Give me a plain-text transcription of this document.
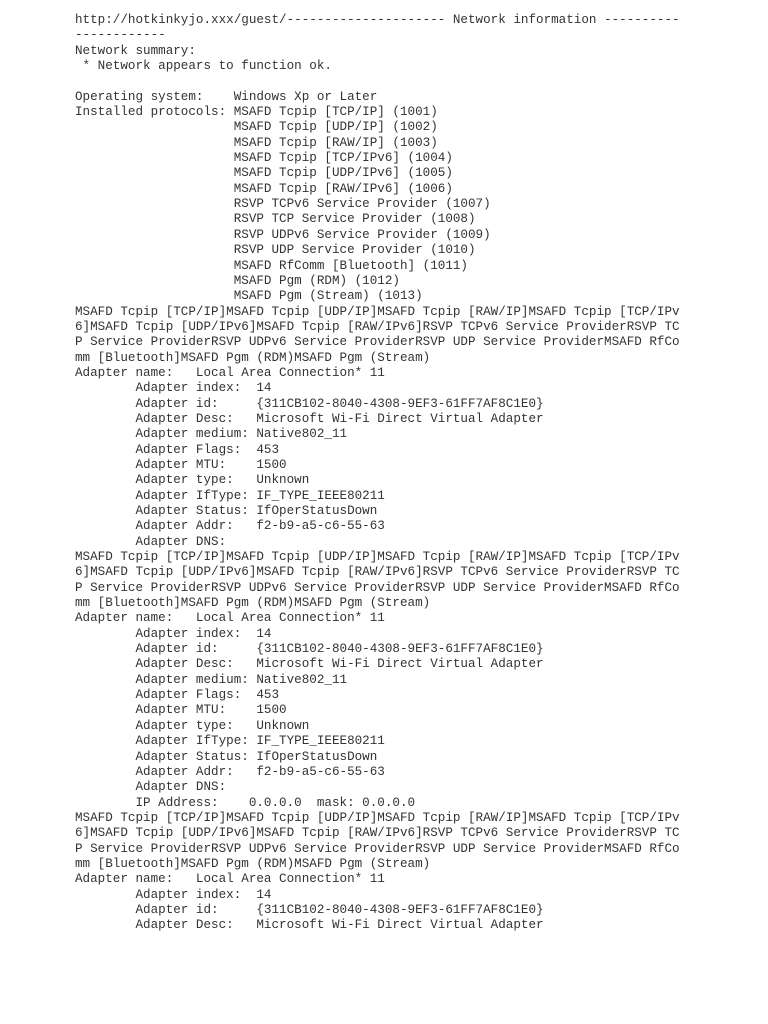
http://hotkinkyjo.xxx/guest/--------------------- Network information ----------
------------
Network summary:
* Network appears to function ok.
Operating system:    Windows Xp or Later
Installed protocols: MSAFD Tcpip [TCP/IP] (1001)
MSAFD Tcpip [UDP/IP] (1002)
MSAFD Tcpip [RAW/IP] (1003)
MSAFD Tcpip [TCP/IPv6] (1004)
MSAFD Tcpip [UDP/IPv6] (1005)
MSAFD Tcpip [RAW/IPv6] (1006)
RSVP TCPv6 Service Provider (1007)
RSVP TCP Service Provider (1008)
RSVP UDPv6 Service Provider (1009)
RSVP UDP Service Provider (1010)
MSAFD RfComm [Bluetooth] (1011)
MSAFD Pgm (RDM) (1012)
MSAFD Pgm (Stream) (1013)
MSAFD Tcpip [TCP/IP]MSAFD Tcpip [UDP/IP]MSAFD Tcpip [RAW/IP]MSAFD Tcpip [TCP/IPv
6]MSAFD Tcpip [UDP/IPv6]MSAFD Tcpip [RAW/IPv6]RSVP TCPv6 Service ProviderRSVP TC
P Service ProviderRSVP UDPv6 Service ProviderRSVP UDP Service ProviderMSAFD RfCo
mm [Bluetooth]MSAFD Pgm (RDM)MSAFD Pgm (Stream)
Adapter name:   Local Area Connection* 11
Adapter index:  14
Adapter id:     {311CB102-8040-4308-9EF3-61FF7AF8C1E0}
Adapter Desc:   Microsoft Wi-Fi Direct Virtual Adapter
Adapter medium: Native802_11
Adapter Flags:  453
Adapter MTU:    1500
Adapter type:   Unknown
Adapter IfType: IF_TYPE_IEEE80211
Adapter Status: IfOperStatusDown
Adapter Addr:   f2-b9-a5-c6-55-63
Adapter DNS:
MSAFD Tcpip [TCP/IP]MSAFD Tcpip [UDP/IP]MSAFD Tcpip [RAW/IP]MSAFD Tcpip [TCP/IPv
6]MSAFD Tcpip [UDP/IPv6]MSAFD Tcpip [RAW/IPv6]RSVP TCPv6 Service ProviderRSVP TC
P Service ProviderRSVP UDPv6 Service ProviderRSVP UDP Service ProviderMSAFD RfCo
mm [Bluetooth]MSAFD Pgm (RDM)MSAFD Pgm (Stream)
Adapter name:   Local Area Connection* 11
Adapter index:  14
Adapter id:     {311CB102-8040-4308-9EF3-61FF7AF8C1E0}
Adapter Desc:   Microsoft Wi-Fi Direct Virtual Adapter
Adapter medium: Native802_11
Adapter Flags:  453
Adapter MTU:    1500
Adapter type:   Unknown
Adapter IfType: IF_TYPE_IEEE80211
Adapter Status: IfOperStatusDown
Adapter Addr:   f2-b9-a5-c6-55-63
Adapter DNS:
IP Address:    0.0.0.0  mask: 0.0.0.0
MSAFD Tcpip [TCP/IP]MSAFD Tcpip [UDP/IP]MSAFD Tcpip [RAW/IP]MSAFD Tcpip [TCP/IPv
6]MSAFD Tcpip [UDP/IPv6]MSAFD Tcpip [RAW/IPv6]RSVP TCPv6 Service ProviderRSVP TC
P Service ProviderRSVP UDPv6 Service ProviderRSVP UDP Service ProviderMSAFD RfCo
mm [Bluetooth]MSAFD Pgm (RDM)MSAFD Pgm (Stream)
Adapter name:   Local Area Connection* 11
Adapter index:  14
Adapter id:     {311CB102-8040-4308-9EF3-61FF7AF8C1E0}
Adapter Desc:   Microsoft Wi-Fi Direct Virtual Adapter
